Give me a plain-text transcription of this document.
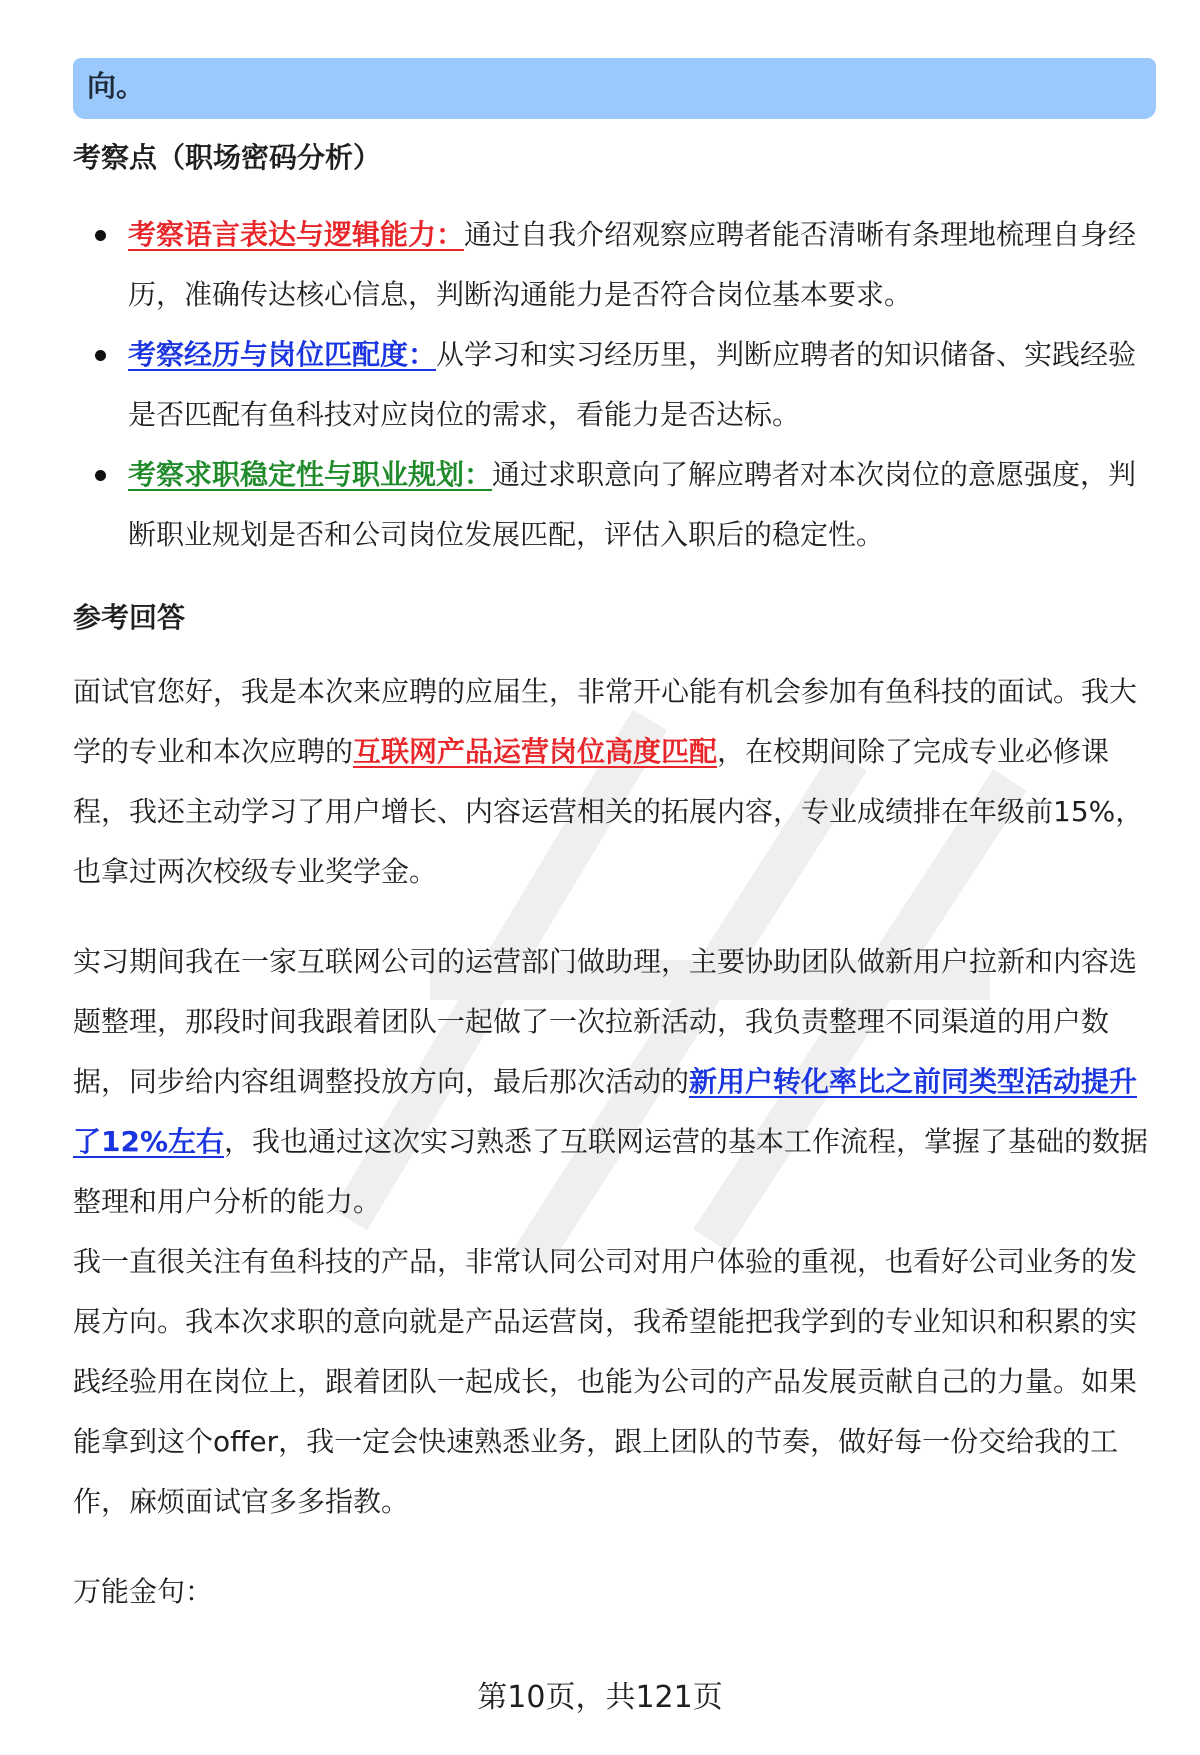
向。
考察点（职场密码分析）
考察语言表达与逻辑能力：通过自我介绍观察应聘者能否清晰有条理地梳理自身经历，准确传达核心信息，判断沟通能力是否符合岗位基本要求。
考察经历与岗位匹配度：从学习和实习经历里，判断应聘者的知识储备、实践经验是否匹配有鱼科技对应岗位的需求，看能力是否达标。
考察求职稳定性与职业规划：通过求职意向了解应聘者对本次岗位的意愿强度，判断职业规划是否和公司岗位发展匹配，评估入职后的稳定性。
参考回答

面试官您好，我是本次来应聘的应届生，非常开心能有机会参加有鱼科技的面试。我大学的专业和本次应聘的互联网产品运营岗位高度匹配，在校期间除了完成专业必修课程，我还主动学习了用户增长、内容运营相关的拓展内容，专业成绩排在年级前15%，也拿过两次校级专业奖学金。

实习期间我在一家互联网公司的运营部门做助理，主要协助团队做新用户拉新和内容选题整理，那段时间我跟着团队一起做了一次拉新活动，我负责整理不同渠道的用户数据，同步给内容组调整投放方向，最后那次活动的新用户转化率比之前同类型活动提升了12%左右，我也通过这次实习熟悉了互联网运营的基本工作流程，掌握了基础的数据整理和用户分析的能力。

我一直很关注有鱼科技的产品，非常认同公司对用户体验的重视，也看好公司业务的发展方向。我本次求职的意向就是产品运营岗，我希望能把我学到的专业知识和积累的实践经验用在岗位上，跟着团队一起成长，也能为公司的产品发展贡献自己的力量。如果能拿到这个offer，我一定会快速熟悉业务，跟上团队的节奏，做好每一份交给我的工作，麻烦面试官多多指教。

万能金句：

第10页，共121页
